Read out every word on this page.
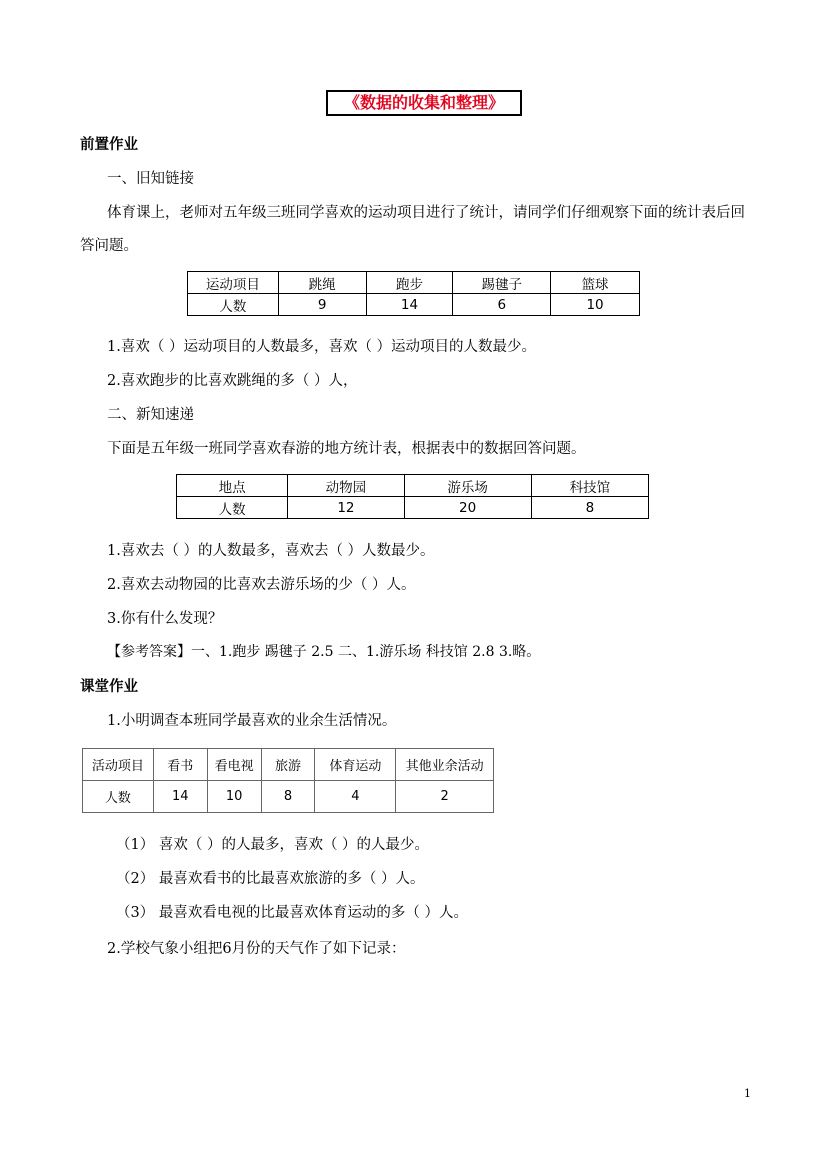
《数据的收集和整理》
前置作业
一、旧知链接
体育课上，老师对五年级三班同学喜欢的运动项目进行了统计，请同学们仔细观察下面的统计表后回
答问题。
运动项目	跳绳	跑步	踢毽子	篮球
人数	9	14	6	10
1.喜欢（ ）运动项目的人数最多，喜欢（ ）运动项目的人数最少。
2.喜欢跑步的比喜欢跳绳的多（ ）人，
二、新知速递
下面是五年级一班同学喜欢春游的地方统计表，根据表中的数据回答问题。
地点	动物园	游乐场	科技馆
人数	12	20	8
1.喜欢去（ ）的人数最多，喜欢去（ ）人数最少。
2.喜欢去动物园的比喜欢去游乐场的少（ ）人。
3.你有什么发现？
【参考答案】一、1.跑步 踢毽子 2.5 二、1.游乐场 科技馆 2.8 3.略。
课堂作业
1.小明调查本班同学最喜欢的业余生活情况。
活动项目	看书	看电视	旅游	体育运动	其他业余活动
人数	14	10	8	4	2
（1） 喜欢（ ）的人最多，喜欢（ ）的人最少。
（2） 最喜欢看书的比最喜欢旅游的多（ ）人。
（3） 最喜欢看电视的比最喜欢体育运动的多（ ）人。
2.学校气象小组把6月份的天气作了如下记录：
1
